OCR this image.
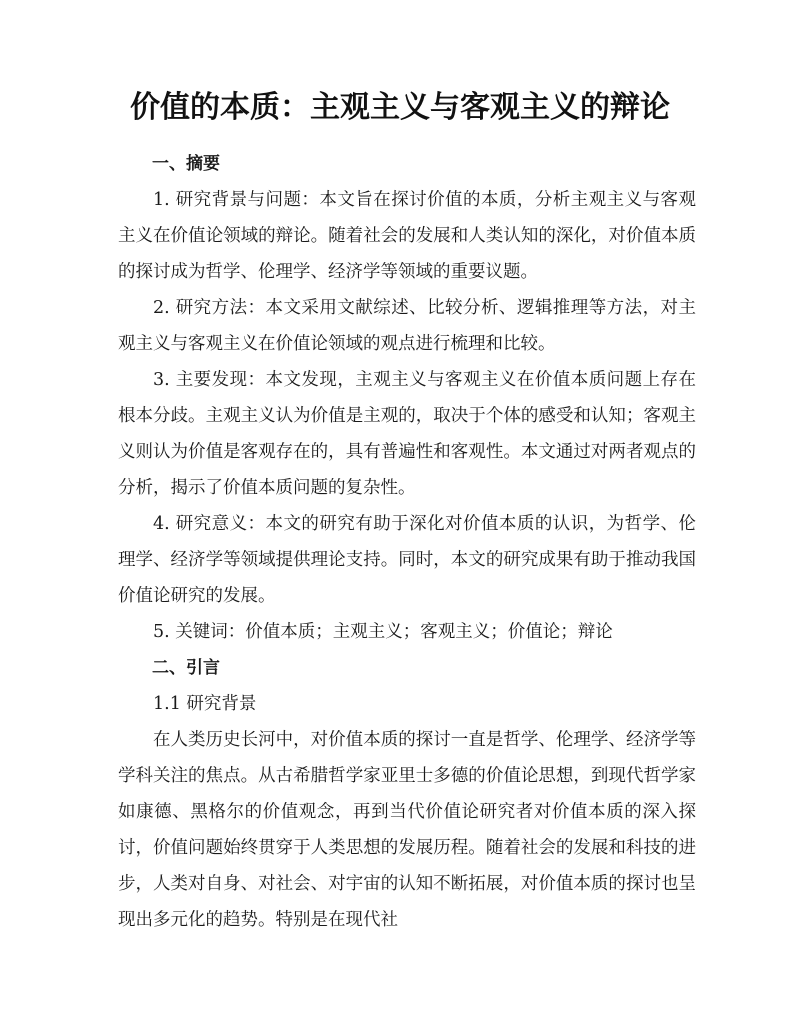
价值的本质：主观主义与客观主义的辩论

一、摘要

1. 研究背景与问题：本文旨在探讨价值的本质，分析主观主义与客观主义在价值论领域的辩论。随着社会的发展和人类认知的深化，对价值本质的探讨成为哲学、伦理学、经济学等领域的重要议题。

2. 研究方法：本文采用文献综述、比较分析、逻辑推理等方法，对主观主义与客观主义在价值论领域的观点进行梳理和比较。

3. 主要发现：本文发现，主观主义与客观主义在价值本质问题上存在根本分歧。主观主义认为价值是主观的，取决于个体的感受和认知；客观主义则认为价值是客观存在的，具有普遍性和客观性。本文通过对两者观点的分析，揭示了价值本质问题的复杂性。

4. 研究意义：本文的研究有助于深化对价值本质的认识，为哲学、伦理学、经济学等领域提供理论支持。同时，本文的研究成果有助于推动我国价值论研究的发展。

5. 关键词：价值本质；主观主义；客观主义；价值论；辩论

二、引言

1.1 研究背景

在人类历史长河中，对价值本质的探讨一直是哲学、伦理学、经济学等学科关注的焦点。从古希腊哲学家亚里士多德的价值论思想，到现代哲学家如康德、黑格尔的价值观念，再到当代价值论研究者对价值本质的深入探讨，价值问题始终贯穿于人类思想的发展历程。随着社会的发展和科技的进步，人类对自身、对社会、对宇宙的认知不断拓展，对价值本质的探讨也呈现出多元化的趋势。特别是在现代社
